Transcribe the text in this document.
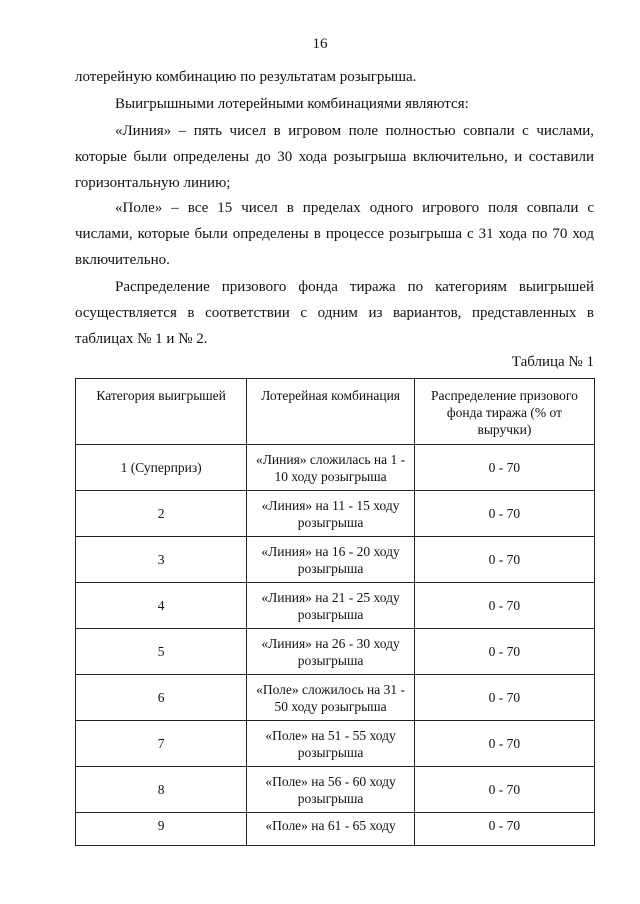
16

лотерейную комбинацию по результатам розыгрыша.

Выигрышными лотерейными комбинациями являются:

«Линия» – пять чисел в игровом поле полностью совпали с числами, которые были определены до 30 хода розыгрыша включительно, и составили горизонтальную линию;

«Поле» – все 15 чисел в пределах одного игрового поля совпали с числами, которые были определены в процессе розыгрыша с 31 хода по 70 ход включительно.

Распределение призового фонда тиража по категориям выигрышей осуществляется в соответствии с одним из вариантов, представленных в таблицах № 1 и № 2.

Таблица № 1
Категория выигрышей	Лотерейная комбинация	Распределение призового фонда тиража (% от выручки)
1 (Суперприз)	«Линия» сложилась на 1 - 10 ходу розыгрыша	0 - 70
2	«Линия» на 11 - 15 ходу розыгрыша	0 - 70
3	«Линия» на 16 - 20 ходу розыгрыша	0 - 70
4	«Линия» на 21 - 25 ходу розыгрыша	0 - 70
5	«Линия» на 26 - 30 ходу розыгрыша	0 - 70
6	«Поле» сложилось на 31 - 50 ходу розыгрыша	0 - 70
7	«Поле» на 51 - 55 ходу розыгрыша	0 - 70
8	«Поле» на 56 - 60 ходу розыгрыша	0 - 70
9	«Поле» на 61 - 65 ходу	0 - 70
